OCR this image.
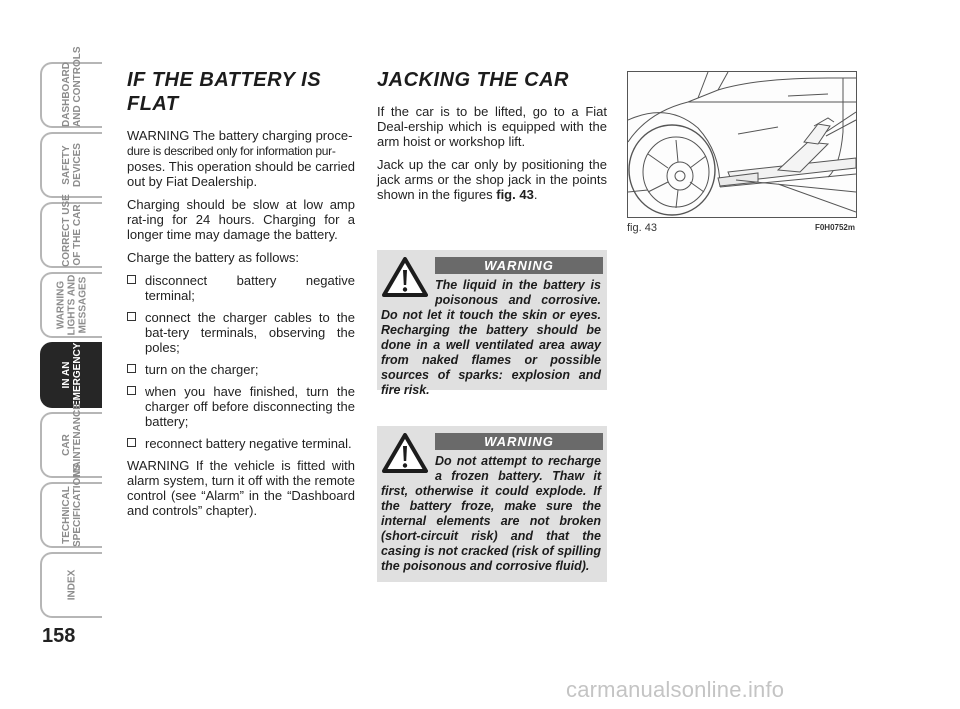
DASHBOARD
AND CONTROLS
SAFETY
DEVICES
CORRECT USE
OF THE CAR
WARNING
LIGHTS AND
MESSAGES
IN AN
EMERGENCY
CAR
MAINTENANCE
TECHNICAL
SPECIFICATIONS
INDEX
158
IF THE BATTERY IS FLAT

WARNING The battery charging proce-
dure is described only for information pur-
poses. This operation should be carried out by Fiat Dealership.

Charging should be slow at low amp rat-ing for 24 hours. Charging for a longer time may damage the battery.

Charge the battery as follows:

disconnect battery negative terminal;
connect the charger cables to the bat-tery terminals, observing the poles;
turn on the charger;
when you have finished, turn the charger off before disconnecting the battery;
reconnect battery negative terminal.

WARNING If the vehicle is fitted with alarm system, turn it off with the remote control (see “Alarm” in the “Dashboard and controls” chapter).

JACKING THE CAR

If the car is to be lifted, go to a Fiat Deal-ership which is equipped with the arm hoist or workshop lift.

Jack up the car only by positioning the jack arms or the shop jack in the points shown in the figures fig. 43.

fig. 43	F0H0752m
WARNING
The liquid in the battery is poisonous and corrosive. Do not let it touch the skin or eyes. Recharging the battery should be done in a well ventilated area away from naked flames or possible sources of sparks: explosion and fire risk.
WARNING
Do not attempt to recharge a frozen battery. Thaw it first, otherwise it could explode. If the battery froze, make sure the internal elements are not broken (short-circuit risk) and that the casing is not cracked (risk of spilling the poisonous and corrosive fluid).
carmanualsonline.info
